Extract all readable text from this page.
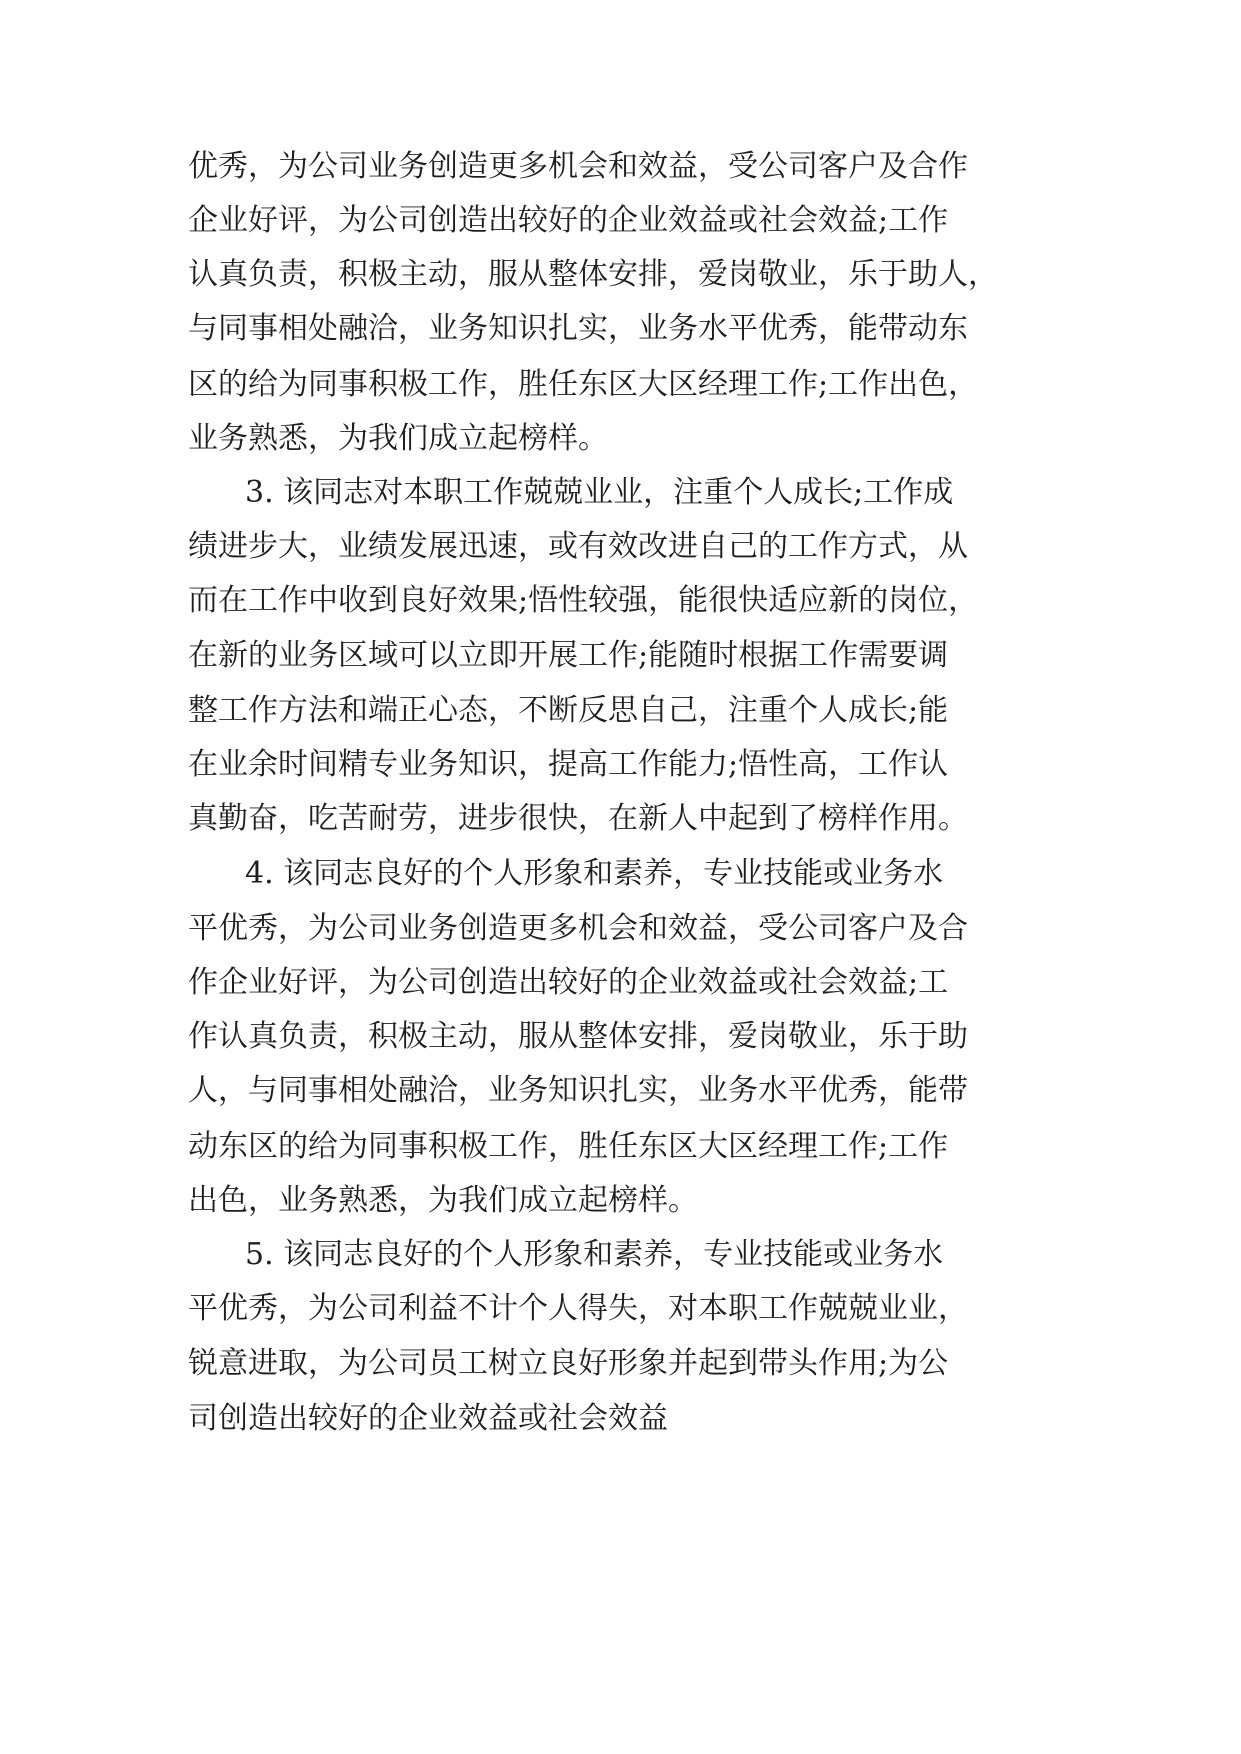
优秀，为公司业务创造更多机会和效益，受公司客户及合作
企业好评，为公司创造出较好的企业效益或社会效益;工作
认真负责，积极主动，服从整体安排，爱岗敬业，乐于助人，
与同事相处融洽，业务知识扎实，业务水平优秀，能带动东
区的给为同事积极工作，胜任东区大区经理工作;工作出色，
业务熟悉，为我们成立起榜样。
3. 该同志对本职工作兢兢业业，注重个人成长;工作成
绩进步大，业绩发展迅速，或有效改进自己的工作方式，从
而在工作中收到良好效果;悟性较强，能很快适应新的岗位，
在新的业务区域可以立即开展工作;能随时根据工作需要调
整工作方法和端正心态，不断反思自己，注重个人成长;能
在业余时间精专业务知识，提高工作能力;悟性高，工作认
真勤奋，吃苦耐劳，进步很快，在新人中起到了榜样作用。
4. 该同志良好的个人形象和素养，专业技能或业务水
平优秀，为公司业务创造更多机会和效益，受公司客户及合
作企业好评，为公司创造出较好的企业效益或社会效益;工
作认真负责，积极主动，服从整体安排，爱岗敬业，乐于助
人，与同事相处融洽，业务知识扎实，业务水平优秀，能带
动东区的给为同事积极工作，胜任东区大区经理工作;工作
出色，业务熟悉，为我们成立起榜样。
5. 该同志良好的个人形象和素养，专业技能或业务水
平优秀，为公司利益不计个人得失，对本职工作兢兢业业，
锐意进取，为公司员工树立良好形象并起到带头作用;为公
司创造出较好的企业效益或社会效益
